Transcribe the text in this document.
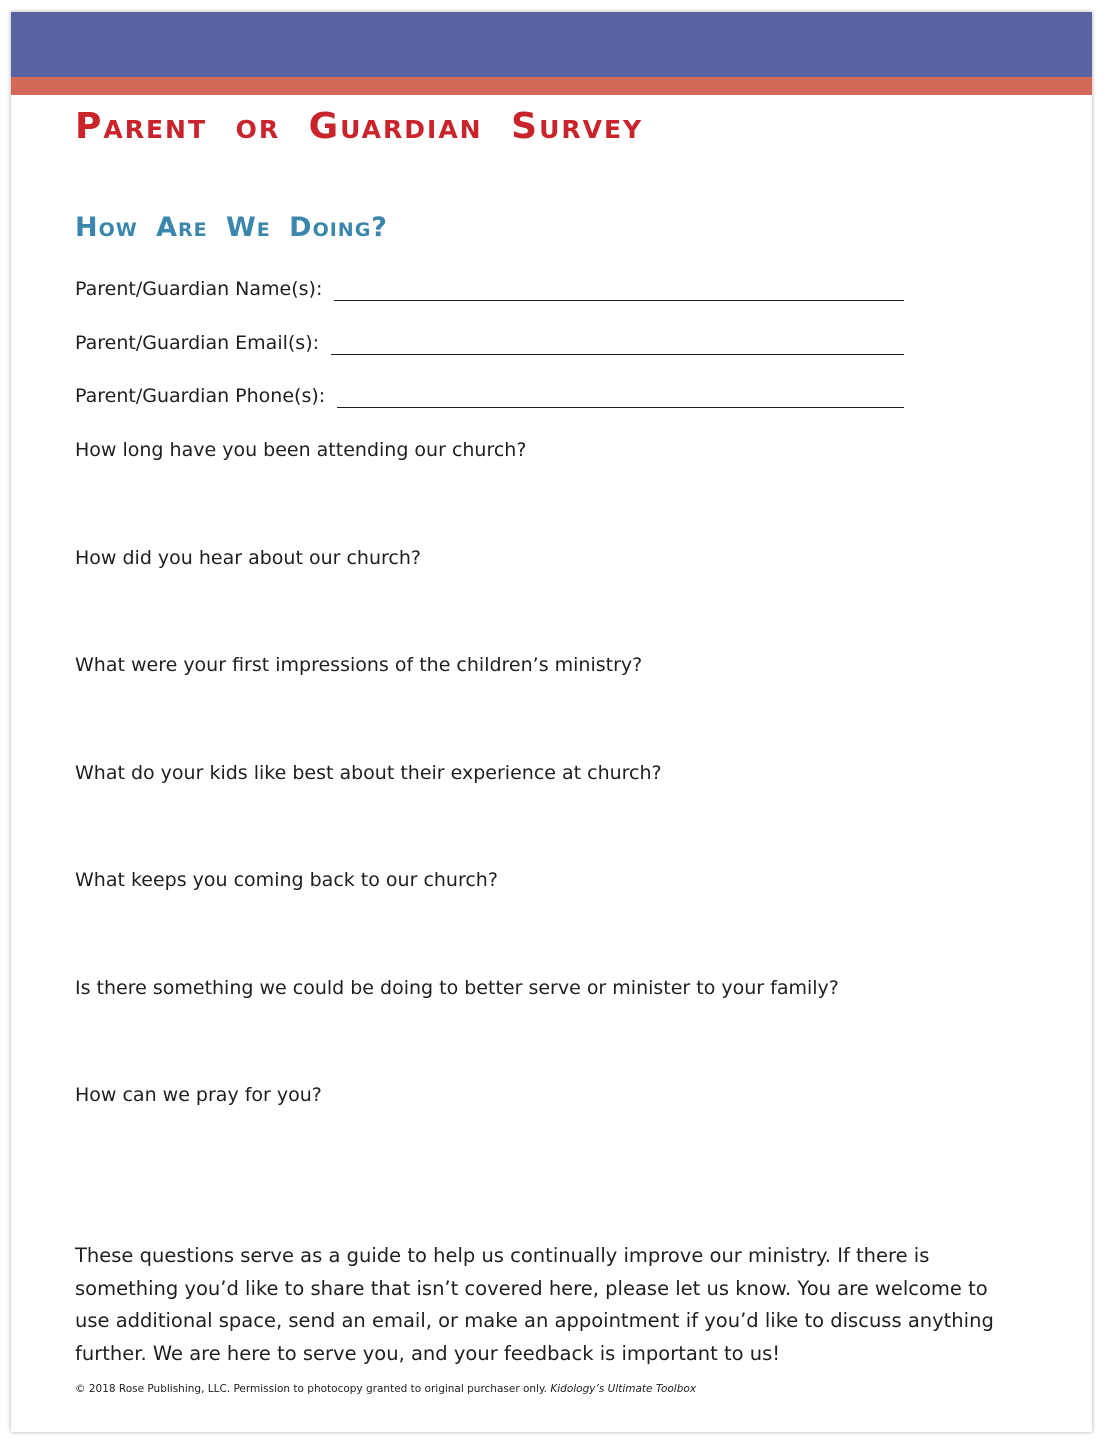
Parent or Guardian Survey
How Are We Doing?
Parent/Guardian Name(s):
Parent/Guardian Email(s):
Parent/Guardian Phone(s):

How long have you been attending our church?

How did you hear about our church?

What were your first impressions of the children’s ministry?

What do your kids like best about their experience at church?

What keeps you coming back to our church?

Is there something we could be doing to better serve or minister to your family?

How can we pray for you?

These questions serve as a guide to help us continually improve our ministry. If there is something you’d like to share that isn’t covered here, please let us know. You are welcome to use additional space, send an email, or make an appointment if you’d like to discuss anything further. We are here to serve you, and your feedback is important to us!

© 2018 Rose Publishing, LLC. Permission to photocopy granted to original purchaser only. Kidology’s Ultimate Toolbox
